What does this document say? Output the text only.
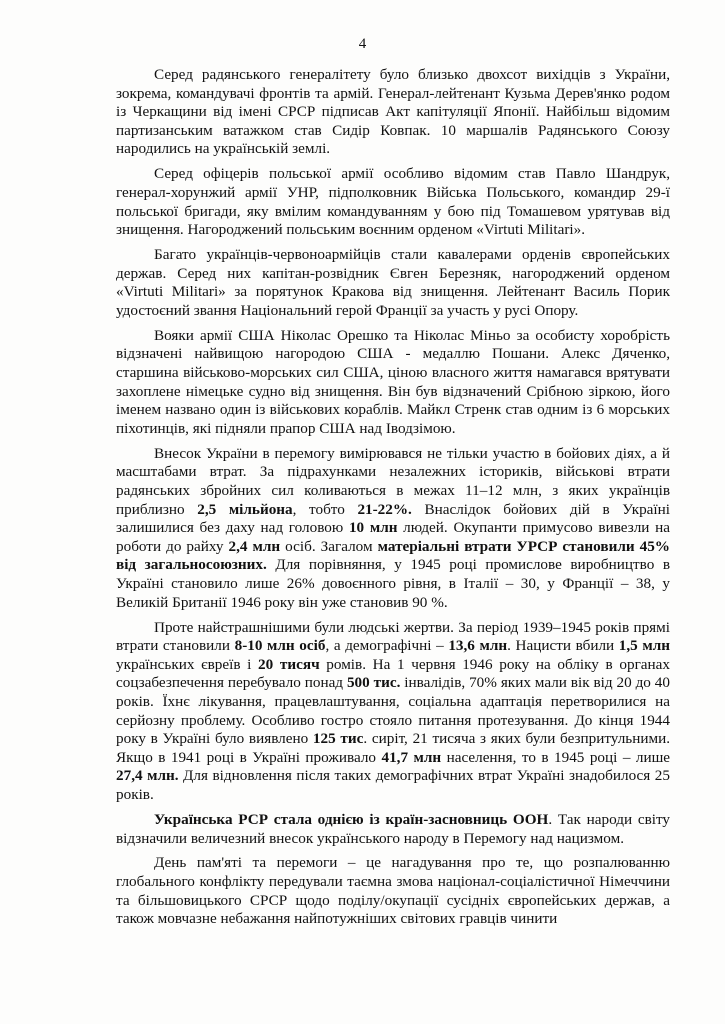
4

Серед радянського генералітету було близько двохсот вихідців з України, зокрема, командувачі фронтів та армій. Генерал-лейтенант Кузьма Дерев'янко родом із Черкащини від імені СРСР підписав Акт капітуляції Японії. Найбільш відомим партизанським ватажком став Сидір Ковпак. 10 маршалів Радянського Союзу народились на українській землі.

Серед офіцерів польської армії особливо відомим став Павло Шандрук, генерал-хорунжий армії УНР, підполковник Війська Польського, командир 29-ї польської бригади, яку вмілим командуванням у бою під Томашевом урятував від знищення. Нагороджений польським воєнним орденом «Virtuti Militari».

Багато українців-червоноармійців стали кавалерами орденів європейських держав. Серед них капітан-розвідник Євген Березняк, нагороджений орденом «Virtuti Militari» за порятунок Кракова від знищення. Лейтенант Василь Порик удостоєний звання Національний герой Франції за участь у русі Опору.

Вояки армії США Ніколас Орешко та Ніколас Міньо за особисту хоробрість відзначені найвищою нагородою США - медаллю Пошани. Алекс Дяченко, старшина військово-морських сил США, ціною власного життя намагався врятувати захоплене німецьке судно від знищення. Він був відзначений Срібною зіркою, його іменем названо один із військових кораблів. Майкл Стренк став одним із 6 морських піхотинців, які підняли прапор США над Іводзімою.

Внесок України в перемогу вимірювався не тільки участю в бойових діях, а й масштабами втрат. За підрахунками незалежних істориків, військові втрати радянських збройних сил коливаються в межах 11–12 млн, з яких українців приблизно 2,5 мільйона, тобто 21-22%. Внаслідок бойових дій в Україні залишилися без даху над головою 10 млн людей. Окупанти примусово вивезли на роботи до райху 2,4 млн осіб. Загалом матеріальні втрати УРСР становили 45% від загальносоюзних. Для порівняння, у 1945 році промислове виробництво в Україні становило лише 26% довоєнного рівня, в Італії – 30, у Франції – 38, у Великій Британії 1946 року він уже становив 90 %.

Проте найстрашнішими були людські жертви. За період 1939–1945 років прямі втрати становили 8-10 млн осіб, а демографічні – 13,6 млн. Нацисти вбили 1,5 млн українських євреїв і 20 тисяч ромів. На 1 червня 1946 року на обліку в органах соцзабезпечення перебувало понад 500 тис. інвалідів, 70% яких мали вік від 20 до 40 років. Їхнє лікування, працевлаштування, соціальна адаптація перетворилися на серйозну проблему. Особливо гостро стояло питання протезування. До кінця 1944 року в Україні було виявлено 125 тис. сиріт, 21 тисяча з яких були безпритульними. Якщо в 1941 році в Україні проживало 41,7 млн населення, то в 1945 році – лише 27,4 млн. Для відновлення після таких демографічних втрат Україні знадобилося 25 років.

Українська РСР стала однією із країн-засновниць ООН. Так народи світу відзначили величезний внесок українського народу в Перемогу над нацизмом.

День пам'яті та перемоги – це нагадування про те, що розпалюванню глобального конфлікту передували таємна змова націонал-соціалістичної Німеччини та більшовицького СРСР щодо поділу/окупації сусідніх європейських держав, а також мовчазне небажання найпотужніших світових гравців чинити
